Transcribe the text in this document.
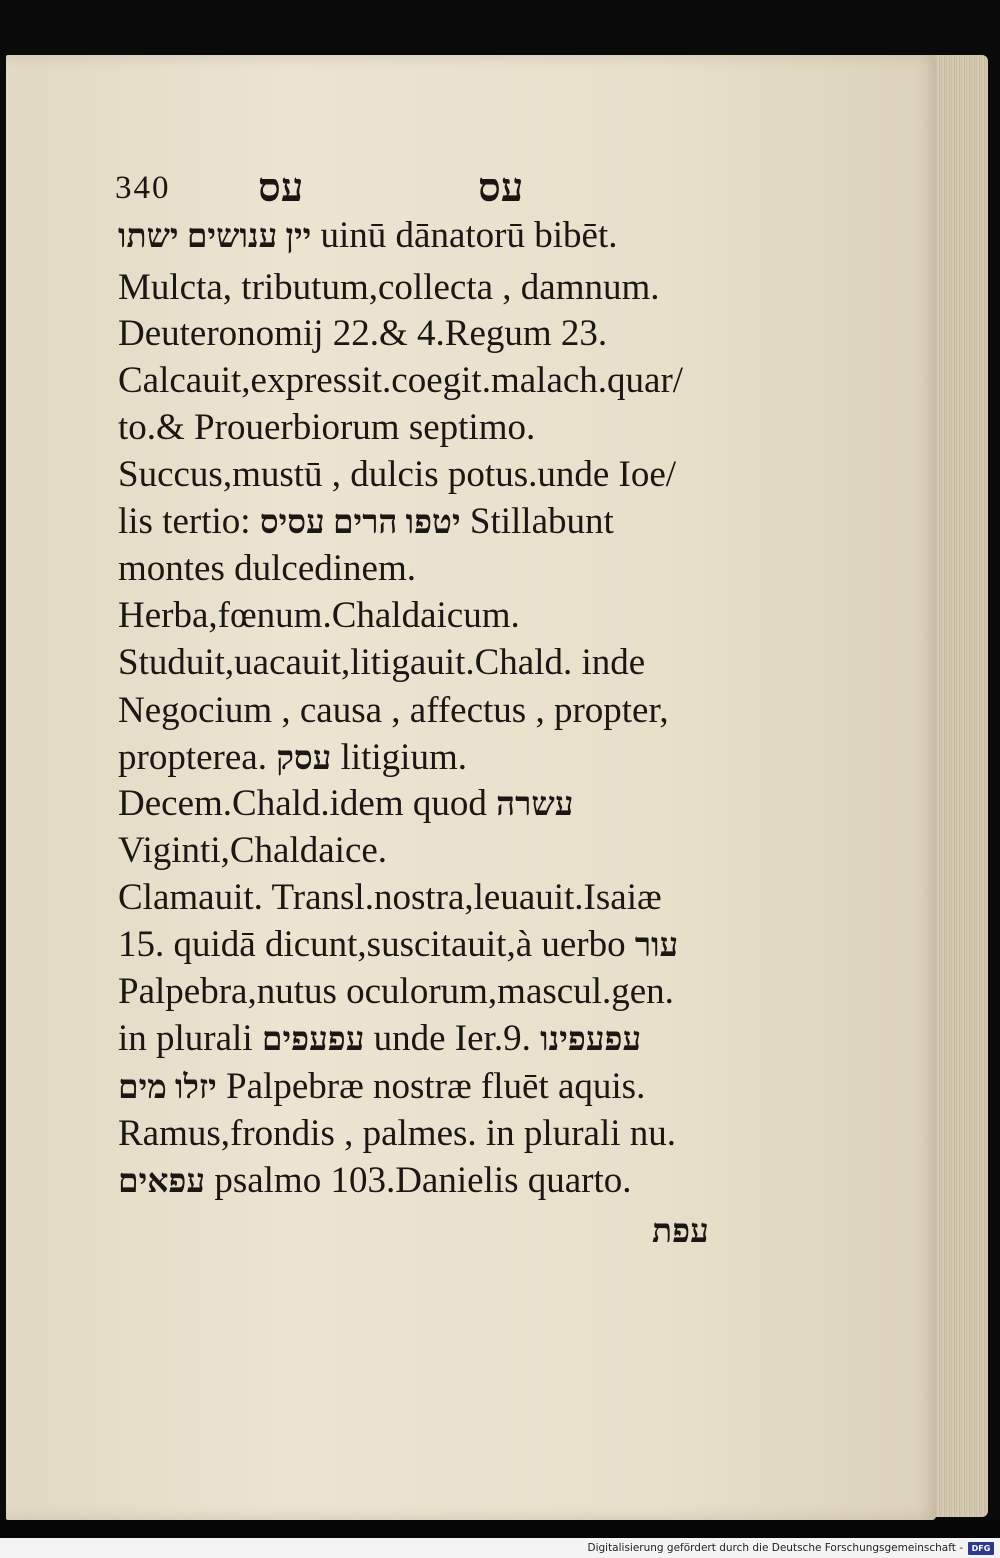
340 עס	עס
יין ענושים ישתו uinū dānatorū bibēt.
Mulcta, tributum,collecta , damnum.
Deuteronomij 22.& 4.Regum 23.
Calcauit,expressit.coegit.malach.quar/
to.& Prouerbiorum septimo.
Succus,mustū , dulcis potus.unde Ioe/
lis tertio: יטפו הרים עסיס Stillabunt
montes dulcedinem.
Herba,fœnum.Chaldaicum.
Studuit,uacauit,litigauit.Chald. inde
Negocium , causa , affectus , propter,
propterea. עסק litigium.
Decem.Chald.idem quod עשרה
Viginti,Chaldaice.
Clamauit. Transl.nostra,leuauit.Isaiæ
15. quidā dicunt,suscitauit,à uerbo עור
Palpebra,nutus oculorum,mascul.gen.
in plurali עפעפים unde Ier.9. עפעפינו
יזלו מים Palpebræ nostræ fluēt aquis.
Ramus,frondis , palmes. in plurali nu.
עפאים psalmo 103.Danielis quarto.
עפת
Digitalisierung gefördert durch die Deutsche Forschungsgemeinschaft -	DFG
